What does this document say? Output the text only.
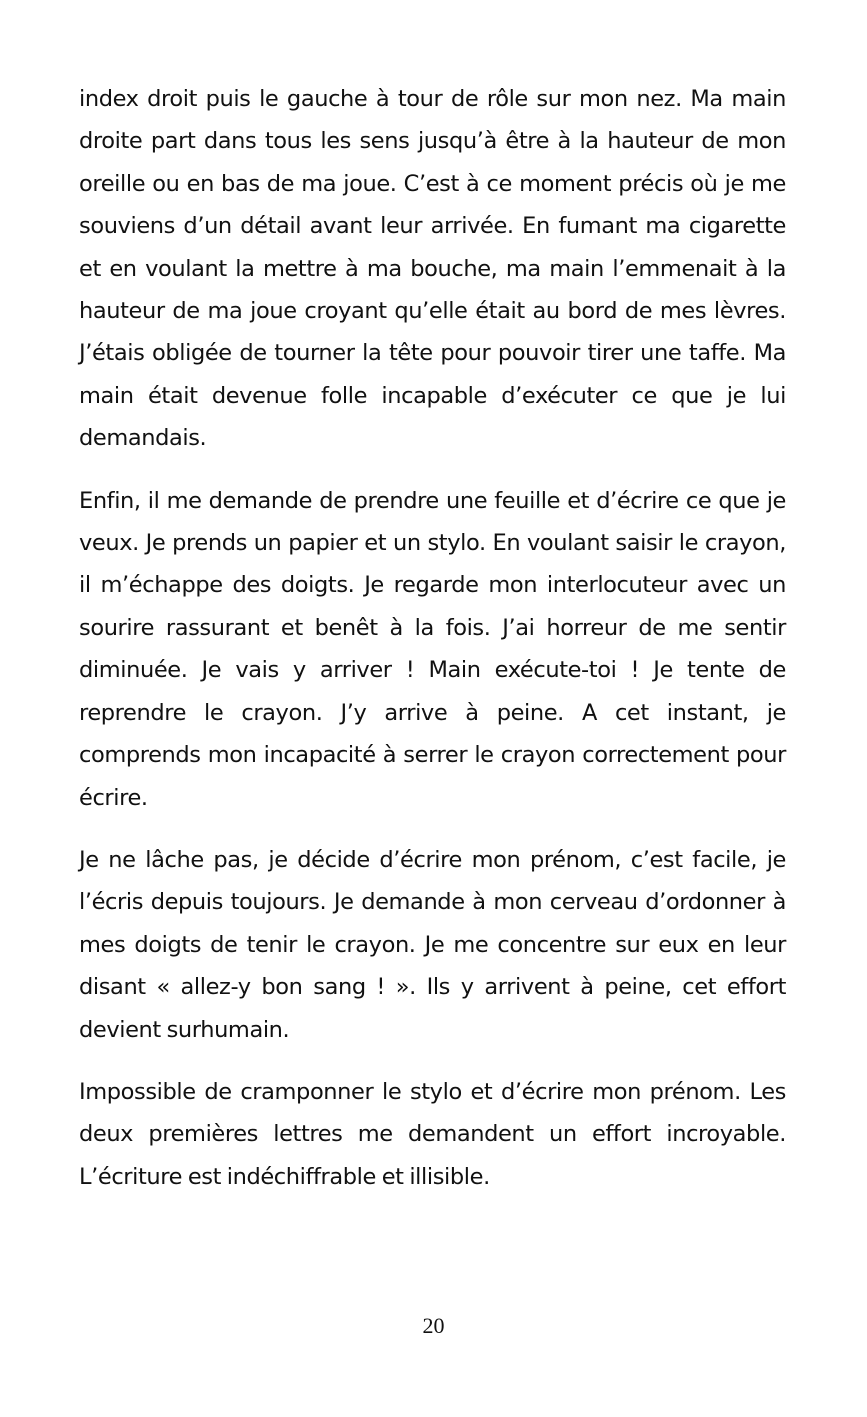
index droit puis le gauche à tour de rôle sur mon nez. Ma main droite part dans tous les sens jusqu’à être à la hauteur de mon oreille ou en bas de ma joue. C’est à ce moment précis où je me souviens d’un détail avant leur arrivée. En fumant ma cigarette et en voulant la mettre à ma bouche, ma main l’emmenait à la hauteur de ma joue croyant qu’elle était au bord de mes lèvres. J’étais obligée de tourner la tête pour pouvoir tirer une taffe. Ma main était devenue folle incapable d’exécuter ce que je lui demandais.

Enfin, il me demande de prendre une feuille et d’écrire ce que je veux. Je prends un papier et un stylo. En voulant saisir le crayon, il m’échappe des doigts. Je regarde mon interlocuteur avec un sourire rassurant et benêt à la fois. J’ai horreur de me sentir diminuée. Je vais y arriver ! Main exécute-toi ! Je tente de reprendre le crayon. J’y arrive à peine. A cet instant, je comprends mon incapacité à serrer le crayon correctement pour écrire.

Je ne lâche pas, je décide d’écrire mon prénom, c’est facile, je l’écris depuis toujours. Je demande à mon cerveau d’ordonner à mes doigts de tenir le crayon. Je me concentre sur eux en leur disant « allez-y bon sang ! ». Ils y arrivent à peine, cet effort devient surhumain.

Impossible de cramponner le stylo et d’écrire mon prénom. Les deux premières lettres me demandent un effort incroyable. L’écriture est indéchiffrable et illisible.

20
